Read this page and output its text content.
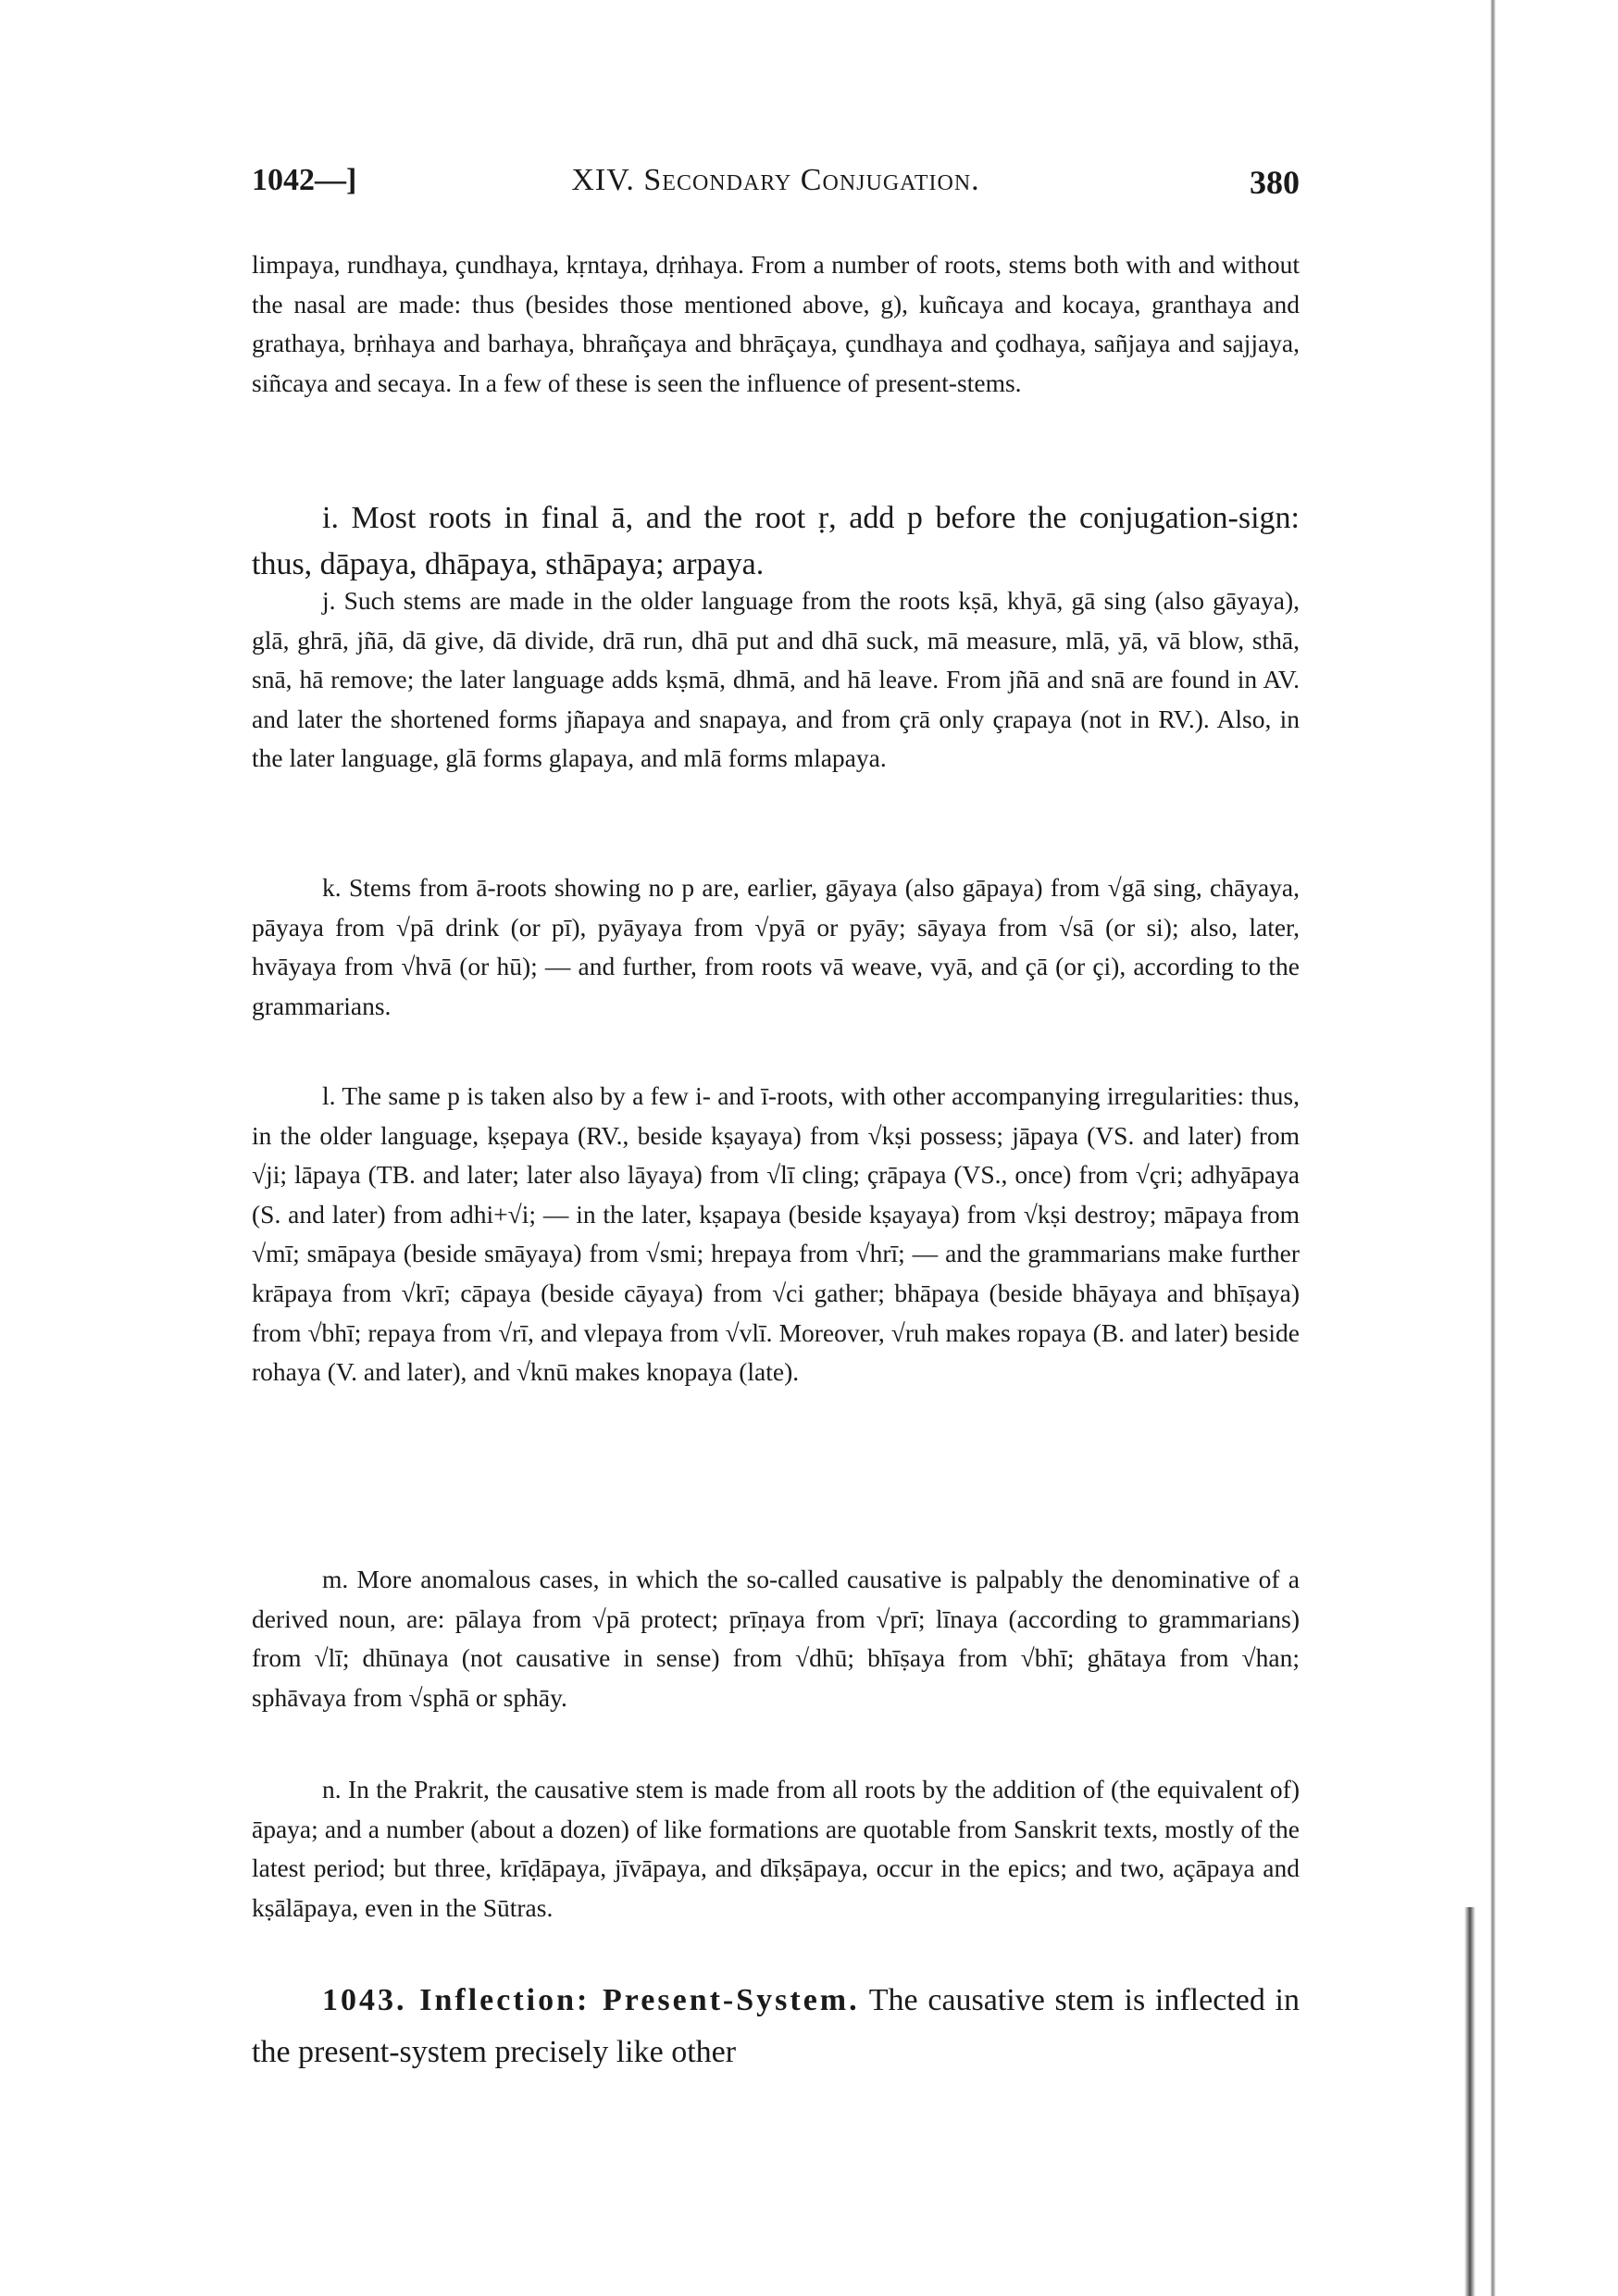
1042—]	XIV. Secondary Conjugation.	380

limpaya, rundhaya, çundhaya, kṛntaya, dṛṅhaya. From a number of roots, stems both with and without the nasal are made: thus (besides those mentioned above, g), kuñcaya and kocaya, granthaya and grathaya, bṛṅhaya and barhaya, bhrañçaya and bhrāçaya, çundhaya and çodhaya, sañjaya and sajjaya, siñcaya and secaya. In a few of these is seen the influence of present-stems.

i. Most roots in final ā, and the root ṛ, add p before the conjugation-sign: thus, dāpaya, dhāpaya, sthāpaya; arpaya.

j. Such stems are made in the older language from the roots kṣā, khyā, gā sing (also gāyaya), glā, ghrā, jñā, dā give, dā divide, drā run, dhā put and dhā suck, mā measure, mlā, yā, vā blow, sthā, snā, hā remove; the later language adds kṣmā, dhmā, and hā leave. From jñā and snā are found in AV. and later the shortened forms jñapaya and snapaya, and from çrā only çrapaya (not in RV.). Also, in the later language, glā forms glapaya, and mlā forms mlapaya.

k. Stems from ā-roots showing no p are, earlier, gāyaya (also gāpaya) from √gā sing, chāyaya, pāyaya from √pā drink (or pī), pyāyaya from √pyā or pyāy; sāyaya from √sā (or si); also, later, hvāyaya from √hvā (or hū); — and further, from roots vā weave, vyā, and çā (or çi), according to the grammarians.

l. The same p is taken also by a few i- and ī-roots, with other accompanying irregularities: thus, in the older language, kṣepaya (RV., beside kṣayaya) from √kṣi possess; jāpaya (VS. and later) from √ji; lāpaya (TB. and later; later also lāyaya) from √lī cling; çrāpaya (VS., once) from √çri; adhyāpaya (S. and later) from adhi+√i; — in the later, kṣapaya (beside kṣayaya) from √kṣi destroy; māpaya from √mī; smāpaya (beside smāyaya) from √smi; hrepaya from √hrī; — and the grammarians make further krāpaya from √krī; cāpaya (beside cāyaya) from √ci gather; bhāpaya (beside bhāyaya and bhīṣaya) from √bhī; repaya from √rī, and vlepaya from √vlī. Moreover, √ruh makes ropaya (B. and later) beside rohaya (V. and later), and √knū makes knopaya (late).

m. More anomalous cases, in which the so-called causative is palpably the denominative of a derived noun, are: pālaya from √pā protect; prīṇaya from √prī; līnaya (according to grammarians) from √lī; dhūnaya (not causative in sense) from √dhū; bhīṣaya from √bhī; ghātaya from √han; sphāvaya from √sphā or sphāy.

n. In the Prakrit, the causative stem is made from all roots by the addition of (the equivalent of) āpaya; and a number (about a dozen) of like formations are quotable from Sanskrit texts, mostly of the latest period; but three, krīḍāpaya, jīvāpaya, and dīkṣāpaya, occur in the epics; and two, açāpaya and kṣālāpaya, even in the Sūtras.

1043. Inflection: Present-System. The causative stem is inflected in the present-system precisely like other
